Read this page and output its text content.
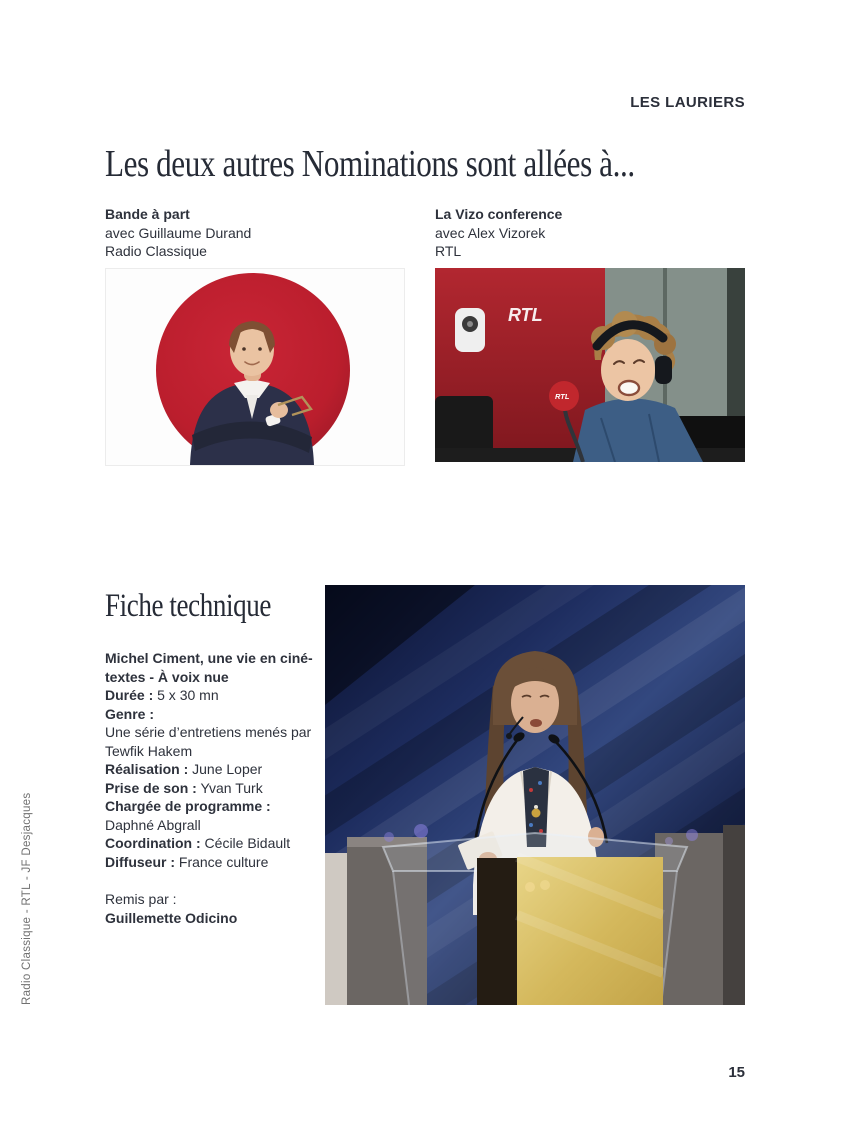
LES LAURIERS
Les deux autres Nominations sont allées à...
Bande à part
avec Guillaume Durand
Radio Classique
La Vizo conference
avec Alex Vizorek
RTL
RTL
RTL
Fiche technique
Michel Ciment, une vie en ciné-textes - À voix nue
Durée : 5 x 30 mn
Genre :
Une série d’entretiens menés par Tewfik Hakem
Réalisation : June Loper
Prise de son : Yvan Turk
Chargée de programme :
Daphné Abgrall
Coordination : Cécile Bidault
Diffuseur : France culture
Remis par :
Guillemette Odicino
Radio Classique - RTL - JF Desjacques
15
